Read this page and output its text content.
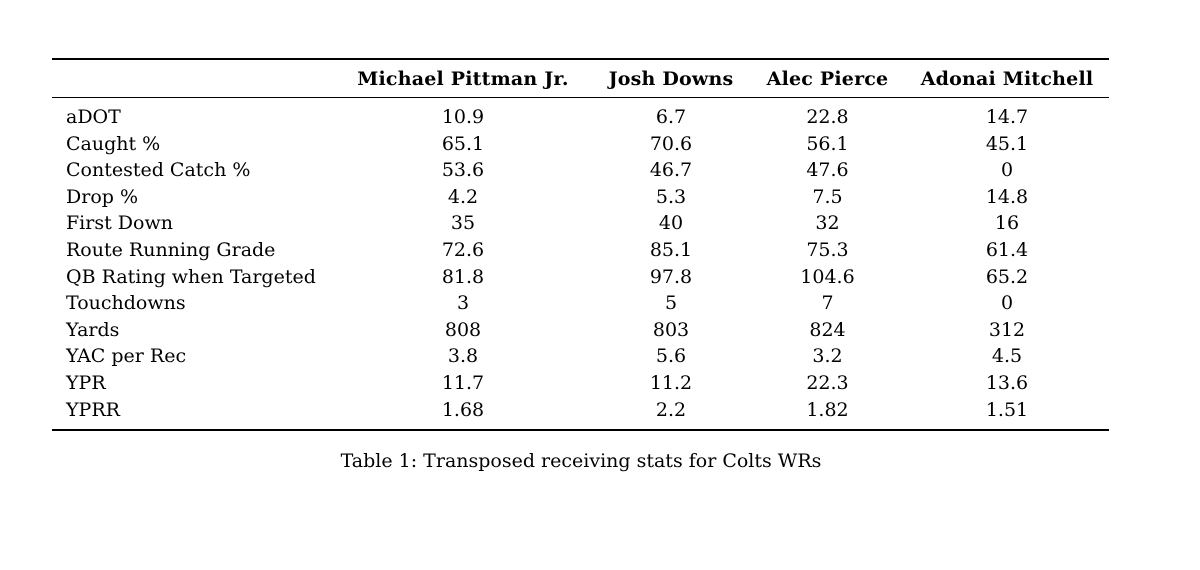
	Michael Pittman Jr.	Josh Downs	Alec Pierce	Adonai Mitchell
aDOT	10.9	6.7	22.8	14.7
Caught %	65.1	70.6	56.1	45.1
Contested Catch %	53.6	46.7	47.6	0
Drop %	4.2	5.3	7.5	14.8
First Down	35	40	32	16
Route Running Grade	72.6	85.1	75.3	61.4
QB Rating when Targeted	81.8	97.8	104.6	65.2
Touchdowns	3	5	7	0
Yards	808	803	824	312
YAC per Rec	3.8	5.6	3.2	4.5
YPR	11.7	11.2	22.3	13.6
YPRR	1.68	2.2	1.82	1.51
Table 1: Transposed receiving stats for Colts WRs
